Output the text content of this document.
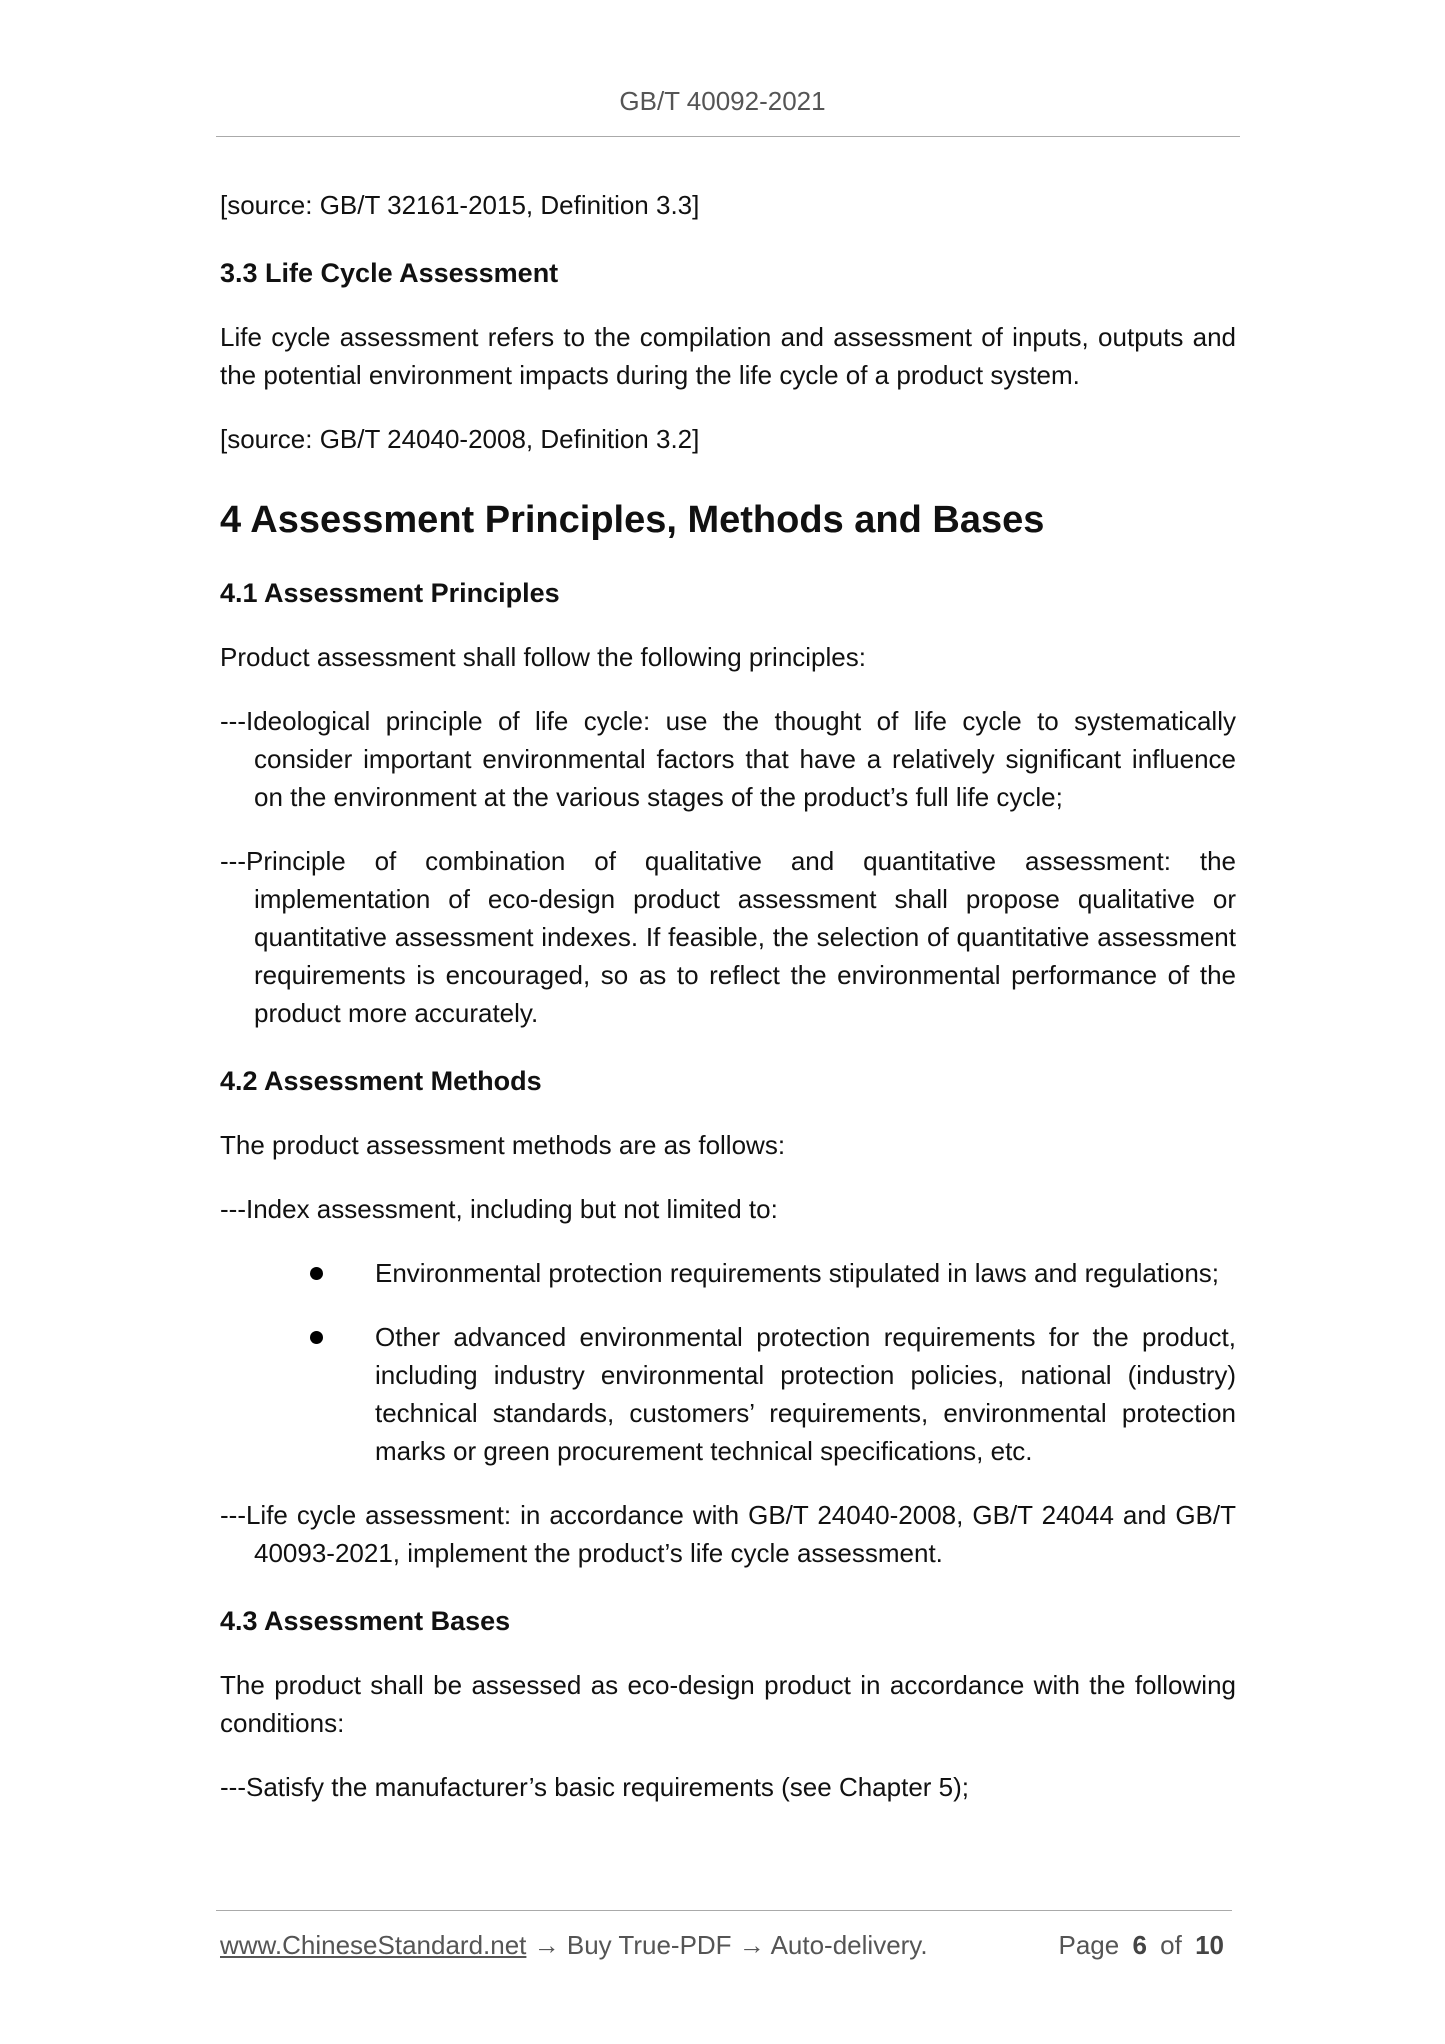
GB/T 40092-2021

[source: GB/T 32161-2015, Definition 3.3]

3.3 Life Cycle Assessment

Life cycle assessment refers to the compilation and assessment of inputs, outputs and the potential environment impacts during the life cycle of a product system.

[source: GB/T 24040-2008, Definition 3.2]

4 Assessment Principles, Methods and Bases

4.1 Assessment Principles

Product assessment shall follow the following principles:

---Ideological principle of life cycle: use the thought of life cycle to systematically consider important environmental factors that have a relatively significant influence on the environment at the various stages of the product’s full life cycle;

---Principle of combination of qualitative and quantitative assessment: the implementation of eco-design product assessment shall propose qualitative or quantitative assessment indexes. If feasible, the selection of quantitative assessment requirements is encouraged, so as to reflect the environmental performance of the product more accurately.

4.2 Assessment Methods

The product assessment methods are as follows:

---Index assessment, including but not limited to:

Environmental protection requirements stipulated in laws and regulations;
Other advanced environmental protection requirements for the product, including industry environmental protection policies, national (industry) technical standards, customers’ requirements, environmental protection marks or green procurement technical specifications, etc.

---Life cycle assessment: in accordance with GB/T 24040-2008, GB/T 24044 and GB/T 40093-2021, implement the product’s life cycle assessment.

4.3 Assessment Bases

The product shall be assessed as eco-design product in accordance with the following conditions:

---Satisfy the manufacturer’s basic requirements (see Chapter 5);

www.ChineseStandard.net → Buy True-PDF → Auto-delivery.	Page 6 of 10
